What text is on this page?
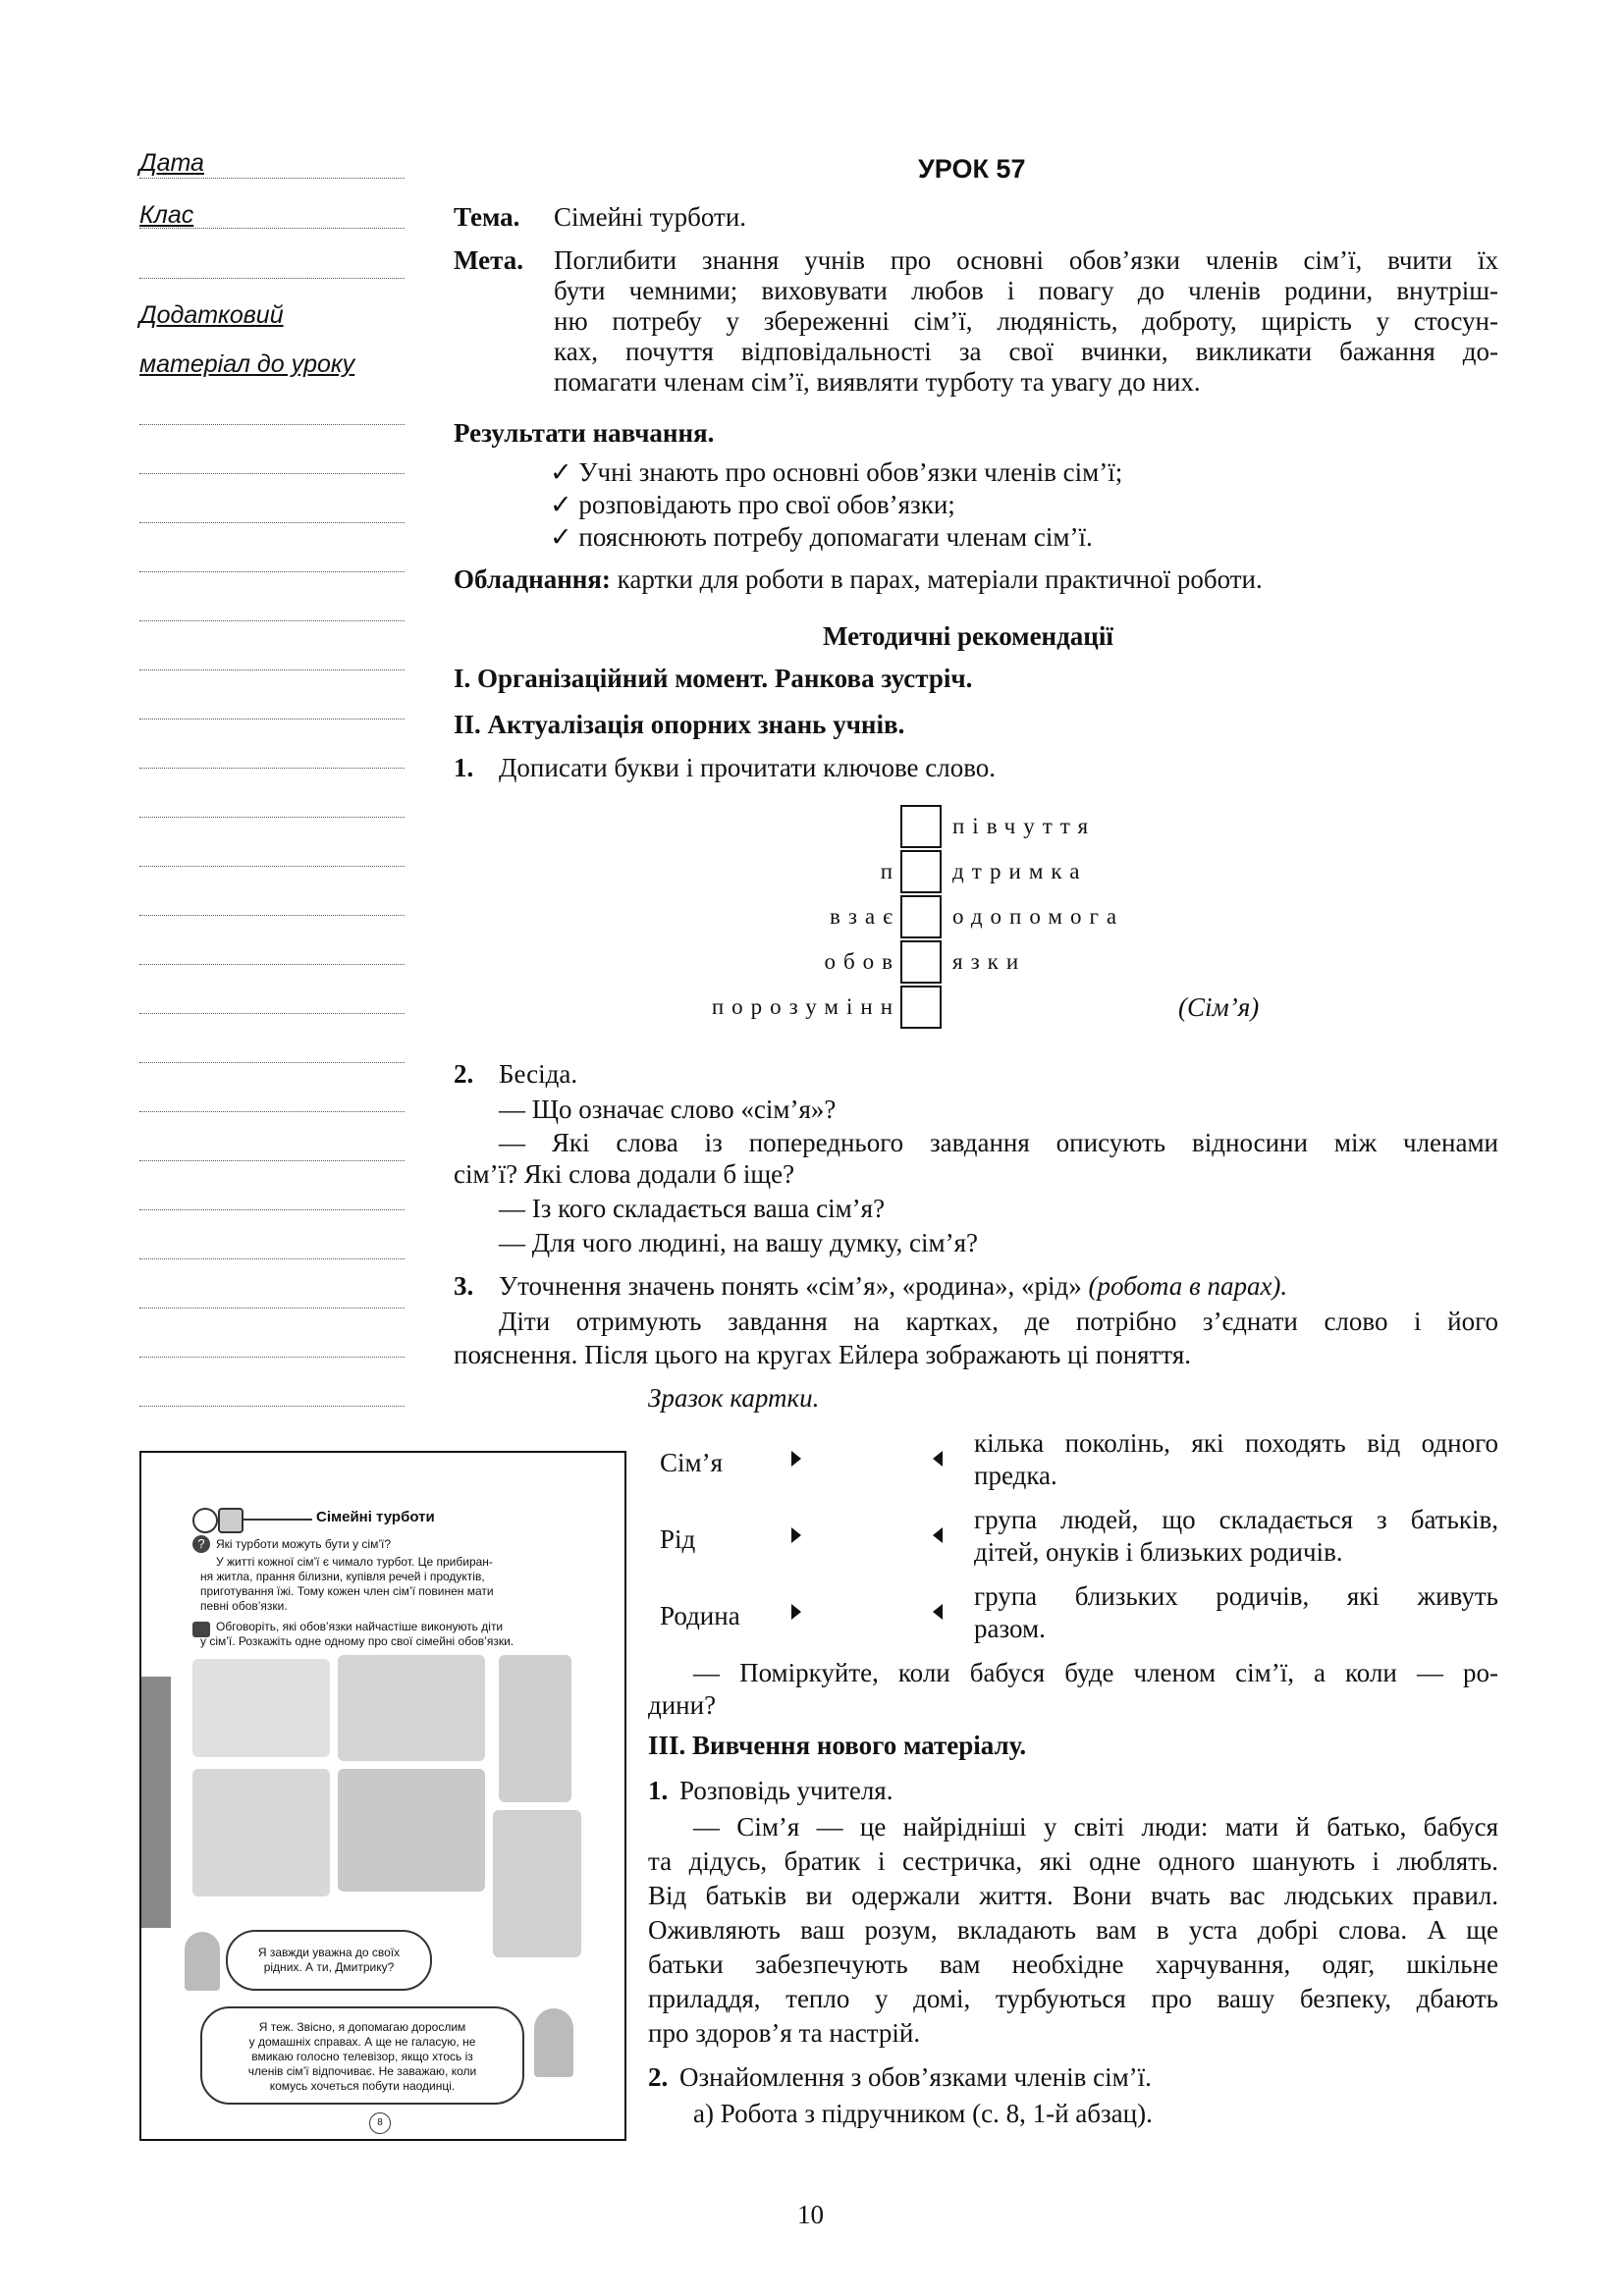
Дата
Клас
Додатковий
матеріал до уроку
УРОК 57
Тема. Сімейні турботи.
Мета. Поглибити знання учнів про основні обов’язки членів сім’ї, вчити їх
бути чемними; виховувати любов і повагу до членів родини, внутріш-
ню потребу у збереженні сім’ї, людяність, доброту, щирість у стосун-
ках, почуття відповідальності за свої вчинки, викликати бажання до-
помагати членам сім’ї, виявляти турботу та увагу до них.
Результати навчання.
✓ Учні знають про основні обов’язки членів сім’ї;
✓ розповідають про свої обов’язки;
✓ пояснюють потребу допомагати членам сім’ї.
Обладнання: картки для роботи в парах, матеріали практичної роботи.
Методичні рекомендації
I. Організаційний момент. Ранкова зустріч.
II. Актуалізація опорних знань учнів.
1. Дописати букви і прочитати ключове слово.
п
взає
обов
порозумінн
півчуття
дтримка
одопомога
язки
(Сім’я)
2. Бесіда.
— Що означає слово «сім’я»?
— Які слова із попереднього завдання описують відносини між членами
сім’ї? Які слова додали б іще?
— Із кого складається ваша сім’я?
— Для чого людині, на вашу думку, сім’я?
3. Уточнення значень понять «сім’я», «родина», «рід» (робота в парах).
Діти отримують завдання на картках, де потрібно з’єднати слово і його
пояснення. Після цього на кругах Ейлера зображають ці поняття.
Зразок картки.
Сім’я
кілька поколінь, які походять від одного
предка.
Рід
група людей, що складається з батьків,
дітей, онуків і близьких родичів.
Родина
група близьких родичів, які живуть
разом.
— Поміркуйте, коли бабуся буде членом сім’ї, а коли — ро-
дини?
III. Вивчення нового матеріалу.
1. Розповідь учителя.
— Сім’я — це найрідніші у світі люди: мати й батько, бабуся
та дідусь, братик і сестричка, які одне одного шанують і люблять.
Від батьків ви одержали життя. Вони вчать вас людських правил.
Оживляють ваш розум, вкладають вам в уста добрі слова. А ще
батьки забезпечують вам необхідне харчування, одяг, шкільне
приладдя, тепло у домі, турбуються про вашу безпеку, дбають
про здоров’я та настрій.
2. Ознайомлення з обов’язками членів сім’ї.
а) Робота з підручником (с. 8, 1-й абзац).
10
Сімейні турботи
? Які турботи можуть бути у сім’ї?
У житті кожної сім’ї є чимало турбот. Це прибиран-
ня житла, прання білизни, купівля речей і продуктів,
приготування їжі. Тому кожен член сім’ї повинен мати
певні обов’язки.
Обговоріть, які обов’язки найчастіше виконують діти
у сім’ї. Розкажіть одне одному про свої сімейні обов’язки.
Я завжди уважна до своїх
рідних. А ти, Дмитрику?
Я теж. Звісно, я допомагаю дорослим
у домашніх справах. А ще не галасую, не
вмикаю голосно телевізор, якщо хтось із
членів сім’ї відпочиває. Не заважаю, коли
комусь хочеться побути наодинці.
8
